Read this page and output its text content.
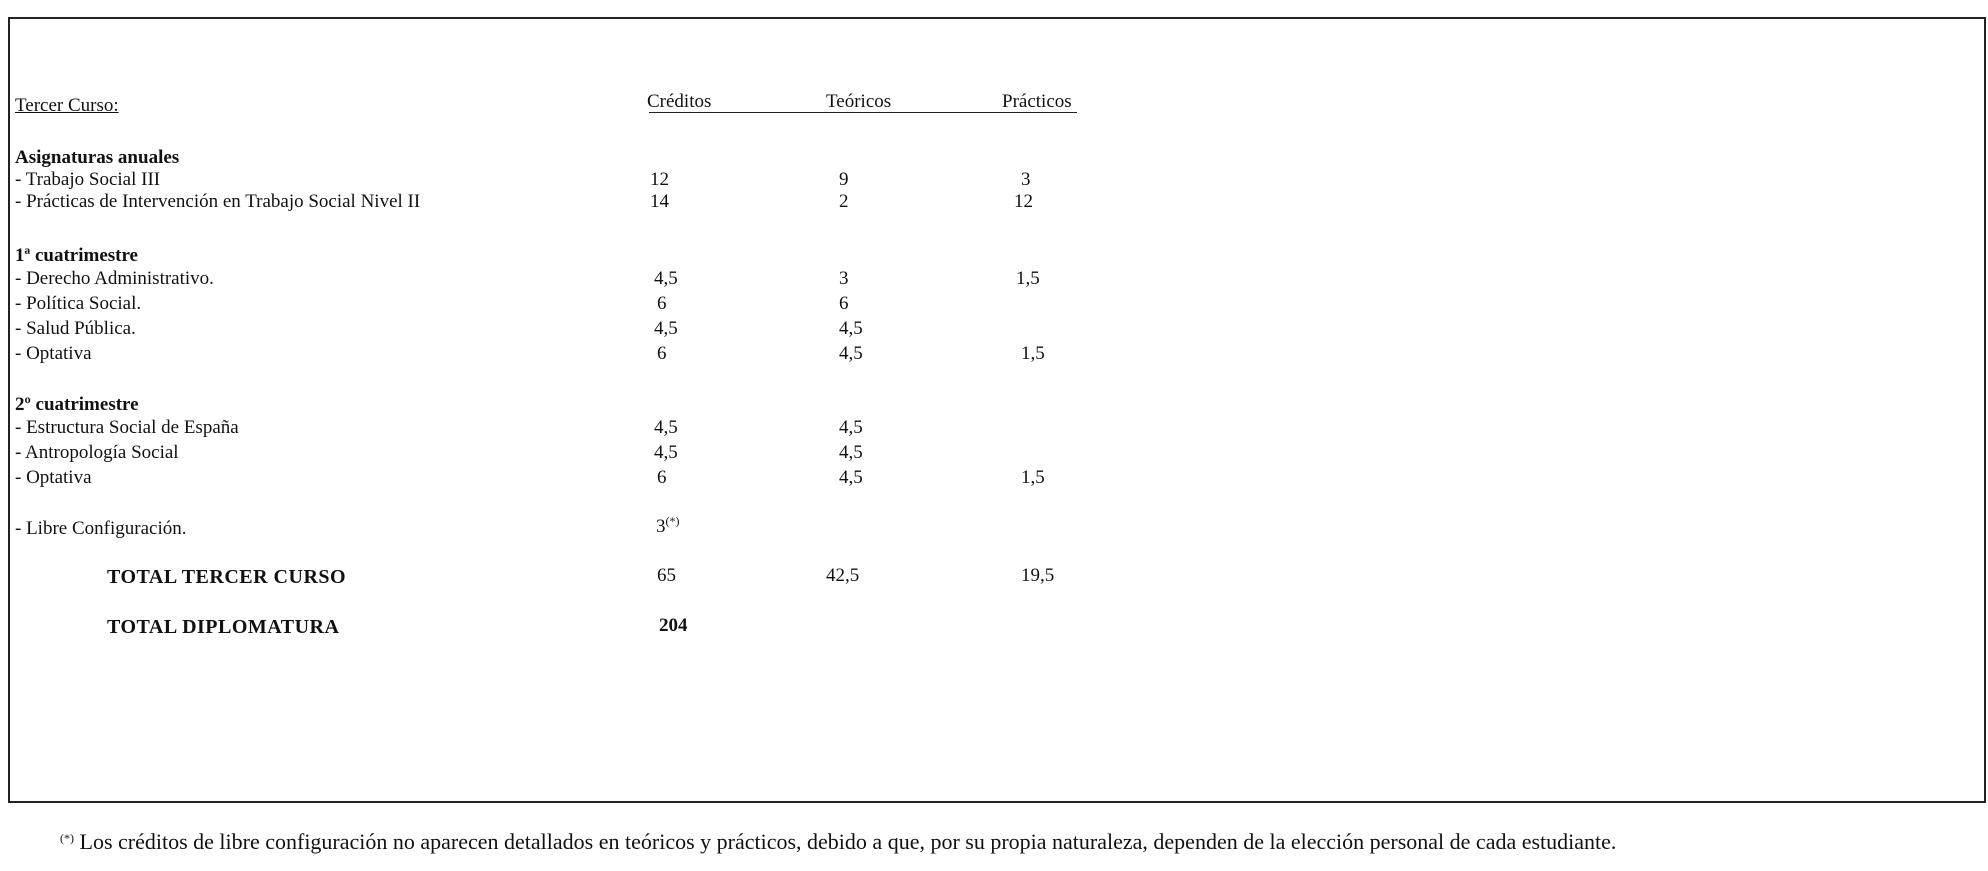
Tercer Curso:	Créditos	Teóricos	Prácticos
Asignaturas anuales
- Trabajo Social III	12	9	3
- Prácticas de Intervención en Trabajo Social Nivel II	14	2	12
1ª cuatrimestre
- Derecho Administrativo.	4,5	3	1,5
- Política Social.	6	6
- Salud Pública.	4,5	4,5
- Optativa	6	4,5	1,5
2º cuatrimestre
- Estructura Social de España	4,5	4,5
- Antropología Social	4,5	4,5
- Optativa	6	4,5	1,5
- Libre Configuración.	3(*)
TOTAL TERCER CURSO	65	42,5	19,5
TOTAL DIPLOMATURA	204
(*) Los créditos de libre configuración no aparecen detallados en teóricos y prácticos, debido a que, por su propia naturaleza, dependen de la elección personal de cada estudiante.
